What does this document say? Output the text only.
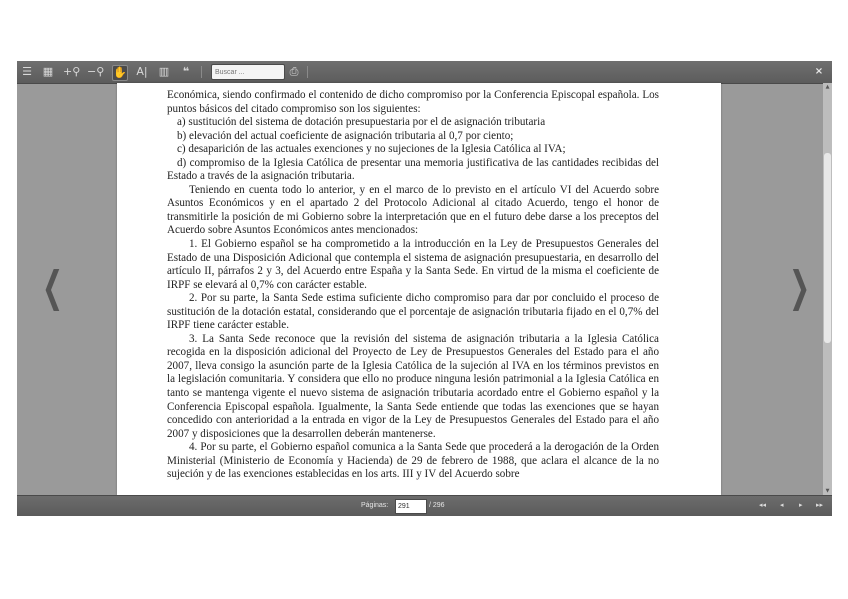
☰ ▦ +⚲ −⚲ ✋ A| ▥	❝
Buscar ...	⎙	×
❮	❯

Económica, siendo confirmado el contenido de dicho compromiso por la Conferencia Episcopal española. Los puntos básicos del citado compromiso son los siguientes:

a) sustitución del sistema de dotación presupuestaria por el de asignación tributaria

b) elevación del actual coeficiente de asignación tributaria al 0,7 por ciento;

c) desaparición de las actuales exenciones y no sujeciones de la Iglesia Católica al IVA;

d) compromiso de la Iglesia Católica de presentar una memoria justificativa de las cantidades recibidas del Estado a través de la asignación tributaria.

Teniendo en cuenta todo lo anterior, y en el marco de lo previsto en el artículo VI del Acuerdo sobre Asuntos Económicos y en el apartado 2 del Protocolo Adicional al citado Acuerdo, tengo el honor de transmitirle la posición de mi Gobierno sobre la interpretación que en el futuro debe darse a los preceptos del Acuerdo sobre Asuntos Económicos antes mencionados:

1. El Gobierno español se ha comprometido a la introducción en la Ley de Presupuestos Generales del Estado de una Disposición Adicional que contempla el sistema de asignación presupuestaria, en desarrollo del artículo II, párrafos 2 y 3, del Acuerdo entre España y la Santa Sede. En virtud de la misma el coeficiente de IRPF se elevará al 0,7% con carácter estable.

2. Por su parte, la Santa Sede estima suficiente dicho compromiso para dar por concluido el proceso de sustitución de la dotación estatal, considerando que el porcentaje de asignación tributaria fijado en el 0,7% del IRPF tiene carácter estable.

3. La Santa Sede reconoce que la revisión del sistema de asignación tributaria a la Iglesia Católica recogida en la disposición adicional del Proyecto de Ley de Presupuestos Generales del Estado para el año 2007, lleva consigo la asunción parte de la Iglesia Católica de la sujeción al IVA en los términos previstos en la legislación comunitaria. Y considera que ello no produce ninguna lesión patrimonial a la Iglesia Católica en tanto se mantenga vigente el nuevo sistema de asignación tributaria acordado entre el Gobierno español y la Conferencia Episcopal española. Igualmente, la Santa Sede entiende que todas las exenciones que se hayan concedido con anterioridad a la entrada en vigor de la Ley de Presupuestos Generales del Estado para el año 2007 y disposiciones que la desarrollen deberán mantenerse.

4. Por su parte, el Gobierno español comunica a la Santa Sede que procederá a la derogación de la Orden Ministerial (Ministerio de Economía y Hacienda) de 29 de febrero de 1988, que aclara el alcance de la no sujeción y de las exenciones establecidas en los arts. III y IV del Acuerdo sobre

▲
▼
Páginas:
291	/ 296	◂◂ ◂ ▸ ▸▸
